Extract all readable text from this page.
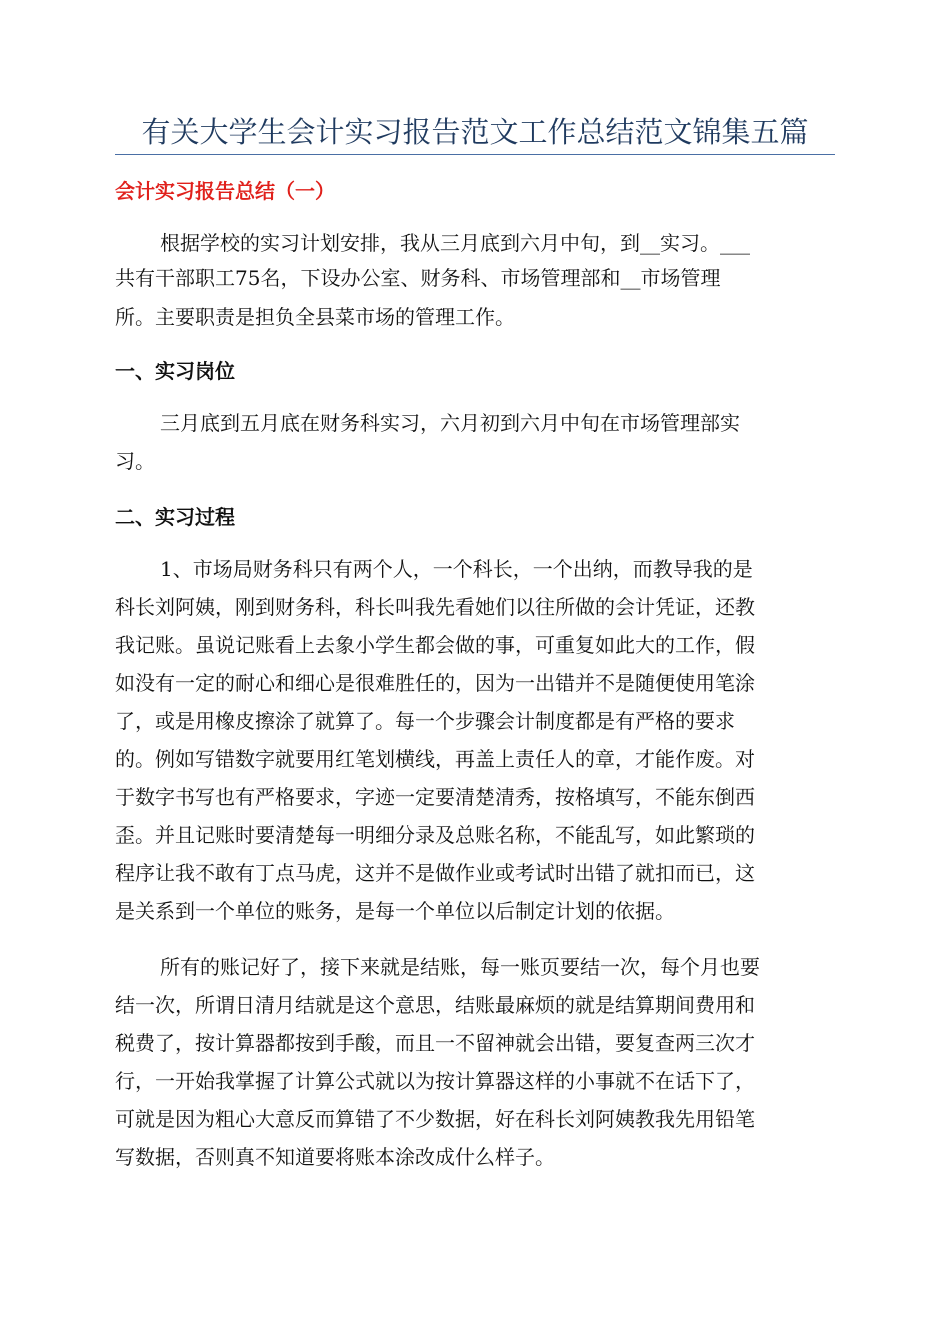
有关大学生会计实习报告范文工作总结范文锦集五篇
会计实习报告总结（一）
根据学校的实习计划安排，我从三月底到六月中旬，到__实习。___
共有干部职工75名，下设办公室、财务科、市场管理部和__市场管理
所。主要职责是担负全县菜市场的管理工作。
一、实习岗位
三月底到五月底在财务科实习，六月初到六月中旬在市场管理部实
习。
二、实习过程
1、市场局财务科只有两个人，一个科长，一个出纳，而教导我的是
科长刘阿姨，刚到财务科，科长叫我先看她们以往所做的会计凭证，还教
我记账。虽说记账看上去象小学生都会做的事，可重复如此大的工作，假
如没有一定的耐心和细心是很难胜任的，因为一出错并不是随便使用笔涂
了，或是用橡皮擦涂了就算了。每一个步骤会计制度都是有严格的要求
的。例如写错数字就要用红笔划横线，再盖上责任人的章，才能作废。对
于数字书写也有严格要求，字迹一定要清楚清秀，按格填写，不能东倒西
歪。并且记账时要清楚每一明细分录及总账名称，不能乱写，如此繁琐的
程序让我不敢有丁点马虎，这并不是做作业或考试时出错了就扣而已，这
是关系到一个单位的账务，是每一个单位以后制定计划的依据。
所有的账记好了，接下来就是结账，每一账页要结一次，每个月也要
结一次，所谓日清月结就是这个意思，结账最麻烦的就是结算期间费用和
税费了，按计算器都按到手酸，而且一不留神就会出错，要复查两三次才
行，一开始我掌握了计算公式就以为按计算器这样的小事就不在话下了，
可就是因为粗心大意反而算错了不少数据，好在科长刘阿姨教我先用铅笔
写数据，否则真不知道要将账本涂改成什么样子。
